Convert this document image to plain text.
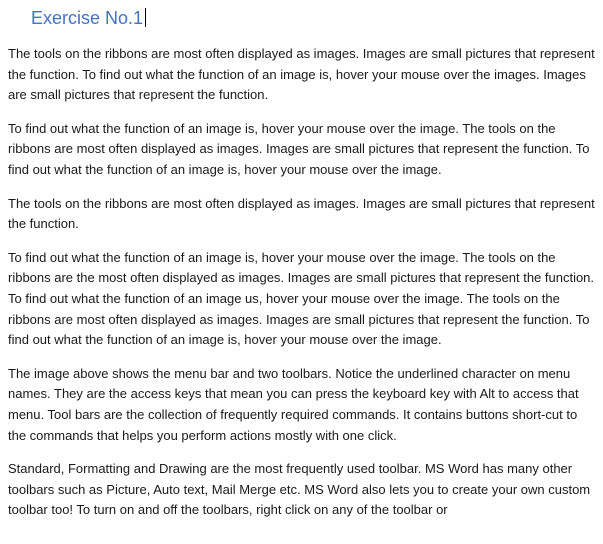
Exercise No.1

The tools on the ribbons are most often displayed as images. Images are small pictures that represent the function. To find out what the function of an image is, hover your mouse over the images. Images are small pictures that represent the function.

To find out what the function of an image is, hover your mouse over the image. The tools on the ribbons are most often displayed as images. Images are small pictures that represent the function. To find out what the function of an image is, hover your mouse over the image.

The tools on the ribbons are most often displayed as images. Images are small pictures that represent the function.

To find out what the function of an image is, hover your mouse over the image. The tools on the ribbons are the most often displayed as images. Images are small pictures that represent the function. To find out what the function of an image us, hover your mouse over the image. The tools on the ribbons are most often displayed as images. Images are small pictures that represent the function. To find out what the function of an image is, hover your mouse over the image.

The image above shows the menu bar and two toolbars. Notice the underlined character on menu names. They are the access keys that mean you can press the keyboard key with Alt to access that menu. Tool bars are the collection of frequently required commands. It contains buttons short-cut to the commands that helps you perform actions mostly with one click.

Standard, Formatting and Drawing are the most frequently used toolbar. MS Word has many other toolbars such as Picture, Auto text, Mail Merge etc. MS Word also lets you to create your own custom toolbar too! To turn on and off the toolbars, right click on any of the toolbar or
